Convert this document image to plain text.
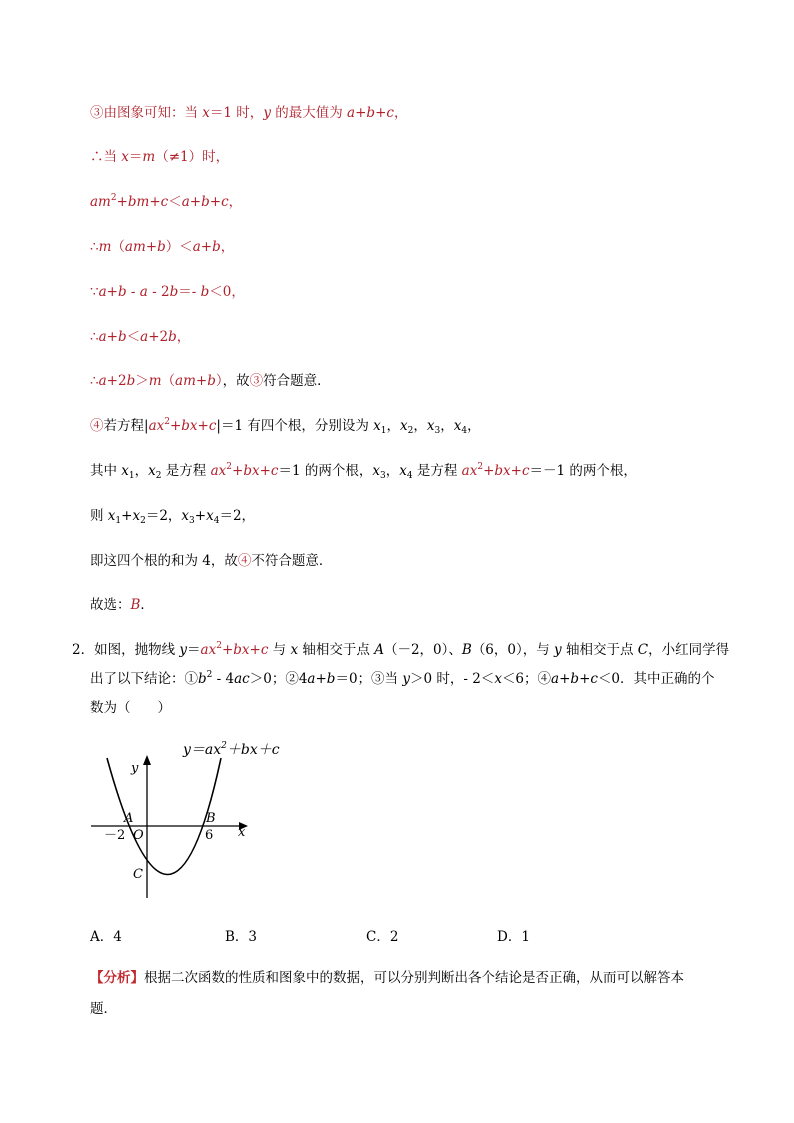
③由图象可知：当 x＝1 时，y 的最大值为 a+b+c，
∴当 x＝m（≠1）时，
$am^2+bm+c<a+b+c$，
∴m（am+b）＜a+b，
∵a+b - a - 2b＝- b＜0，
∴a+b＜a+2b，
∴a+2b＞m（am+b），故③符合题意．
④若方程$|ax^2+bx+c|=1$ 有四个根，分别设为 $x_1$，$x_2$，$x_3$，$x_4$，
其中 $x_1$，$x_2$ 是方程 $ax^2+bx+c=1$ 的两个根，$x_3$，$x_4$ 是方程 $ax^2+bx+c=-1$ 的两个根，
则 $x_1+x_2=2$，$x_3+x_4=2$，
即这四个根的和为 4，故④不符合题意．
故选：B．
2．如图，抛物线 $y=ax^2+bx+c$ 与 x 轴相交于点 A（－2，0）、B（6，0），与 y 轴相交于点 C，小红同学得
出了以下结论：$①b^2 - 4ac>0$；②4a+b＝0；③当 y＞0 时，- 2＜x＜6；④a+b+c＜0．其中正确的个
数为（　　）
$y=ax^2+bx+c$
y
x
A	B
C
O
－2	6
A．4	B．3	C．2	D．1
【分析】根据二次函数的性质和图象中的数据，可以分别判断出各个结论是否正确，从而可以解答本
题．
